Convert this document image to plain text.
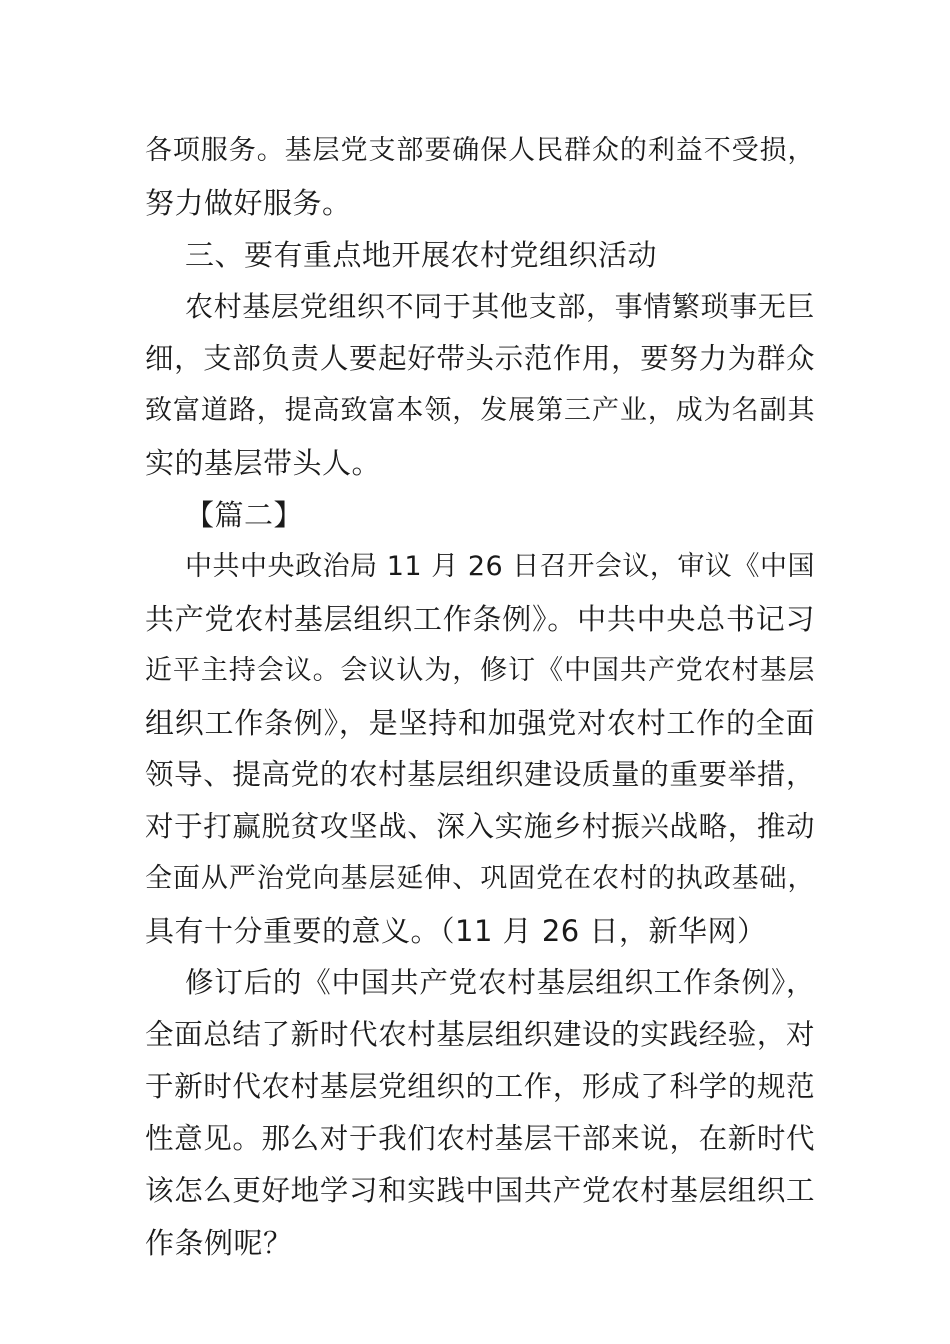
各项服务。基层党支部要确保人民群众的利益不受损，
努力做好服务。
三、要有重点地开展农村党组织活动
农村基层党组织不同于其他支部，事情繁琐事无巨
细，支部负责人要起好带头示范作用，要努力为群众
致富道路，提高致富本领，发展第三产业，成为名副其
实的基层带头人。
【篇二】
中共中央政治局 11 月 26 日召开会议，审议《中国
共产党农村基层组织工作条例》。中共中央总书记习
近平主持会议。会议认为，修订《中国共产党农村基层
组织工作条例》，是坚持和加强党对农村工作的全面
领导、提高党的农村基层组织建设质量的重要举措，
对于打赢脱贫攻坚战、深入实施乡村振兴战略，推动
全面从严治党向基层延伸、巩固党在农村的执政基础，
具有十分重要的意义。（11 月 26 日，新华网）
修订后的《中国共产党农村基层组织工作条例》，
全面总结了新时代农村基层组织建设的实践经验，对
于新时代农村基层党组织的工作，形成了科学的规范
性意见。那么对于我们农村基层干部来说，在新时代
该怎么更好地学习和实践中国共产党农村基层组织工
作条例呢？
